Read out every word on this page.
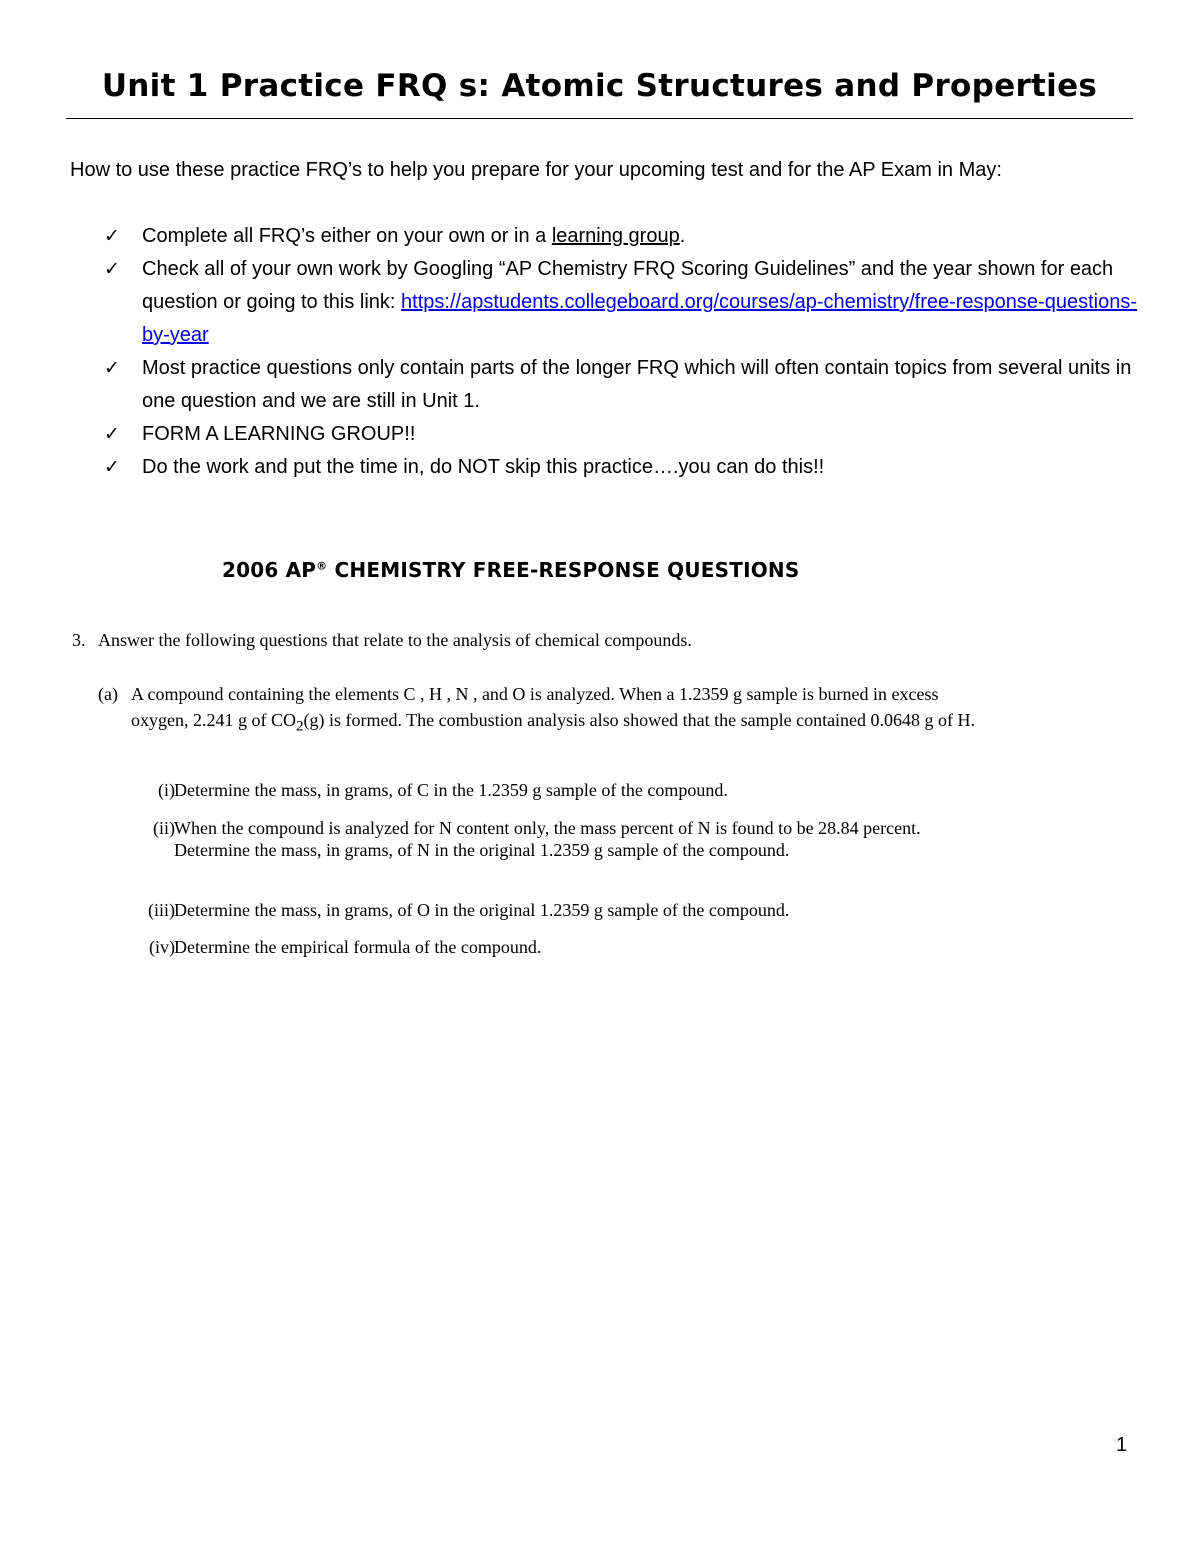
Unit 1 Practice FRQ s: Atomic Structures and Properties

How to use these practice FRQ’s to help you prepare for your upcoming test and for the AP Exam in May:

✓ Complete all FRQ’s either on your own or in a learning group.
✓ Check all of your own work by Googling “AP Chemistry FRQ Scoring Guidelines” and the year shown for each question or going to this link: https://apstudents.collegeboard.org/courses/ap-chemistry/free-response-questions-by-year
✓ Most practice questions only contain parts of the longer FRQ which will often contain topics from several units in one question and we are still in Unit 1.
✓ FORM A LEARNING GROUP!!
✓ Do the work and put the time in, do NOT skip this practice….you can do this!!
2006 AP® CHEMISTRY FREE-RESPONSE QUESTIONS
3. Answer the following questions that relate to the analysis of chemical compounds.
(a) A compound containing the elements C , H , N , and O is analyzed. When a 1.2359 g sample is burned in excess oxygen, 2.241 g of $CO_2(g)$ is formed. The combustion analysis also showed that the sample contained 0.0648 g of H.
(i) Determine the mass, in grams, of C in the 1.2359 g sample of the compound.
(ii) When the compound is analyzed for N content only, the mass percent of N is found to be 28.84 percent. Determine the mass, in grams, of N in the original 1.2359 g sample of the compound.
(iii) Determine the mass, in grams, of O in the original 1.2359 g sample of the compound.
(iv) Determine the empirical formula of the compound.

1
